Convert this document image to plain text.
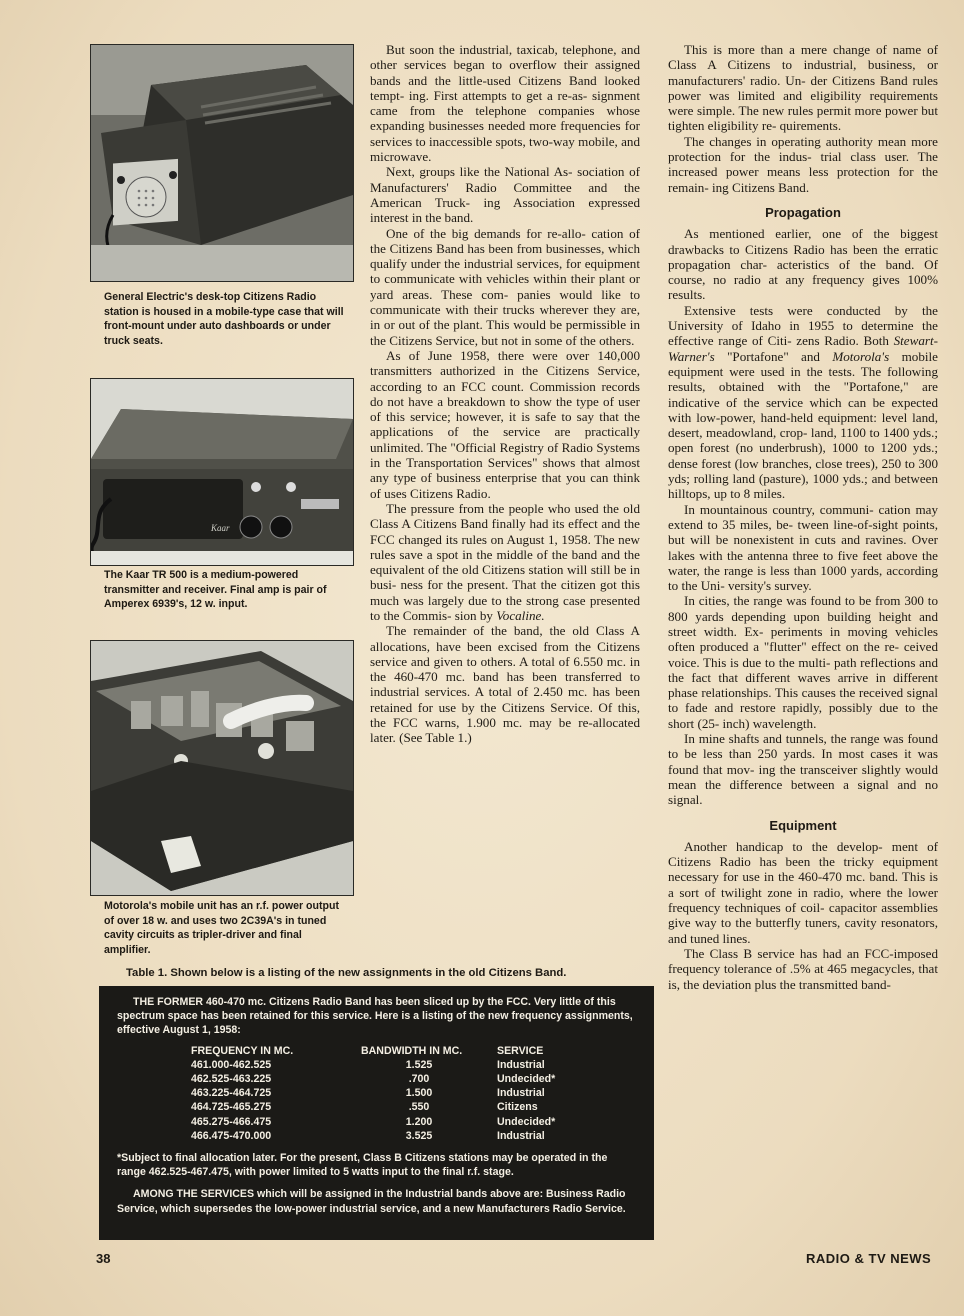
General Electric's desk-top Citizens Radio station is housed in a mobile-type case that will front-mount under auto dashboards or under truck seats.

Kaar

The Kaar TR 500 is a medium-powered transmitter and receiver. Final amp is pair of Amperex 6939's, 12 w. input.

Motorola's mobile unit has an r.f. power output of over 18 w. and uses two 2C39A's in tuned cavity circuits as tripler-driver and final amplifier.

But soon the industrial, taxicab, telephone, and other services began to overflow their assigned bands and the little-used Citizens Band looked tempt- ing. First attempts to get a re-as- signment came from the telephone companies whose expanding businesses needed more frequencies for services to inaccessible spots, two-way mobile, and microwave.

Next, groups like the National As- sociation of Manufacturers' Radio Committee and the American Truck- ing Association expressed interest in the band.

One of the big demands for re-allo- cation of the Citizens Band has been from businesses, which qualify under the industrial services, for equipment to communicate with vehicles within their plant or yard areas. These com- panies would like to communicate with their trucks wherever they are, in or out of the plant. This would be permissible in the Citizens Service, but not in some of the others.

As of June 1958, there were over 140,000 transmitters authorized in the Citizens Service, according to an FCC count. Commission records do not have a breakdown to show the type of user of this service; however, it is safe to say that the applications of the service are practically unlimited. The "Official Registry of Radio Systems in the Transportation Services" shows that almost any type of business enterprise that you can think of uses Citizens Radio.

The pressure from the people who used the old Class A Citizens Band finally had its effect and the FCC changed its rules on August 1, 1958. The new rules save a spot in the middle of the band and the equivalent of the old Citizens station will still be in busi- ness for the present. That the citizen got this much was largely due to the strong case presented to the Commis- sion by Vocaline.

The remainder of the band, the old Class A allocations, have been excised from the Citizens service and given to others. A total of 6.550 mc. in the 460-470 mc. band has been transferred to industrial services. A total of 2.450 mc. has been retained for use by the Citizens Service. Of this, the FCC warns, 1.900 mc. may be re-allocated later. (See Table 1.)

This is more than a mere change of name of Class A Citizens to industrial, business, or manufacturers' radio. Un- der Citizens Band rules power was limited and eligibility requirements were simple. The new rules permit more power but tighten eligibility re- quirements.

The changes in operating authority mean more protection for the indus- trial class user. The increased power means less protection for the remain- ing Citizens Band.

Propagation

As mentioned earlier, one of the biggest drawbacks to Citizens Radio has been the erratic propagation char- acteristics of the band. Of course, no radio at any frequency gives 100% results.

Extensive tests were conducted by the University of Idaho in 1955 to determine the effective range of Citi- zens Radio. Both Stewart-Warner's "Portafone" and Motorola's mobile equipment were used in the tests. The following results, obtained with the "Portafone," are indicative of the service which can be expected with low-power, hand-held equipment: level land, desert, meadowland, crop- land, 1100 to 1400 yds.; open forest (no underbrush), 1000 to 1200 yds.; dense forest (low branches, close trees), 250 to 300 yds; rolling land (pasture), 1000 yds.; and between hilltops, up to 8 miles.

In mountainous country, communi- cation may extend to 35 miles, be- tween line-of-sight points, but will be nonexistent in cuts and ravines. Over lakes with the antenna three to five feet above the water, the range is less than 1000 yards, according to the Uni- versity's survey.

In cities, the range was found to be from 300 to 800 yards depending upon building height and street width. Ex- periments in moving vehicles often produced a "flutter" effect on the re- ceived voice. This is due to the multi- path reflections and the fact that different waves arrive in different phase relationships. This causes the received signal to fade and restore rapidly, possibly due to the short (25- inch) wavelength.

In mine shafts and tunnels, the range was found to be less than 250 yards. In most cases it was found that mov- ing the transceiver slightly would mean the difference between a signal and no signal.

Equipment

Another handicap to the develop- ment of Citizens Radio has been the tricky equipment necessary for use in the 460-470 mc. band. This is a sort of twilight zone in radio, where the lower frequency techniques of coil- capacitor assemblies give way to the butterfly tuners, cavity resonators, and tuned lines.

The Class B service has had an FCC-imposed frequency tolerance of .5% at 465 megacycles, that is, the deviation plus the transmitted band-

Table 1. Shown below is a listing of the new assignments in the old Citizens Band.

THE FORMER 460-470 mc. Citizens Radio Band has been sliced up by the FCC. Very little of this spectrum space has been retained for this service. Here is a listing of the new frequency assignments, effective August 1, 1958:

FREQUENCY IN MC.	BANDWIDTH IN MC.	SERVICE
461.000-462.525	1.525	Industrial
462.525-463.225	.700	Undecided*
463.225-464.725	1.500	Industrial
464.725-465.275	.550	Citizens
465.275-466.475	1.200	Undecided*
466.475-470.000	3.525	Industrial

*Subject to final allocation later. For the present, Class B Citizens stations may be operated in the range 462.525-467.475, with power limited to 5 watts input to the final r.f. stage.

AMONG THE SERVICES which will be assigned in the Industrial bands above are: Business Radio Service, which supersedes the low-power industrial service, and a new Manufacturers Radio Service.

38	RADIO & TV NEWS
